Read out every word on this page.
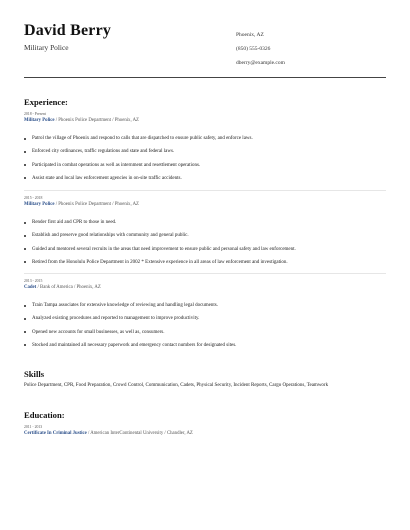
David Berry
Military Police
Phoenix, AZ
(850) 555-0326
dberry@example.com
Experience:
2018 - Present
Military Police / Phoenix Police Department / Phoenix, AZ
Patrol the village of Phoenix and respond to calls that are dispatched to ensure public safety, and enforce laws.
Enforced city ordinances, traffic regulations and state and federal laws.
Participated in combat operations as well as internment and resettlement operations.
Assist state and local law enforcement agencies in on-site traffic accidents.
2015 - 2018
Military Police / Phoenix Police Department / Phoenix, AZ
Render first aid and CPR to those in need.
Establish and preserve good relationships with community and general public.
Guided and mentored several recruits in the areas that need improvement to ensure public and personal safety and law enforcement.
Retired from the Honolulu Police Department in 2002 * Extensive experience in all areas of law enforcement and investigation.
2013 - 2015
Cadet / Bank of America / Phoenix, AZ
Train Tampa associates for extensive knowledge of reviewing and handling legal documents.
Analyzed existing procedures and reported to management to improve productivity.
Opened new accounts for small businesses, as well as, consumers.
Stocked and maintained all necessary paperwork and emergency contact numbers for designated sites.
Skills
Police Department, CPR, Food Preparation, Crowd Control, Communication, Cadets, Physical Security, Incident Reports, Cargo Operations, Teamwork
Education:
2011 - 2013
Certificate In Criminal Justice / American InterContinental University / Chandler, AZ
